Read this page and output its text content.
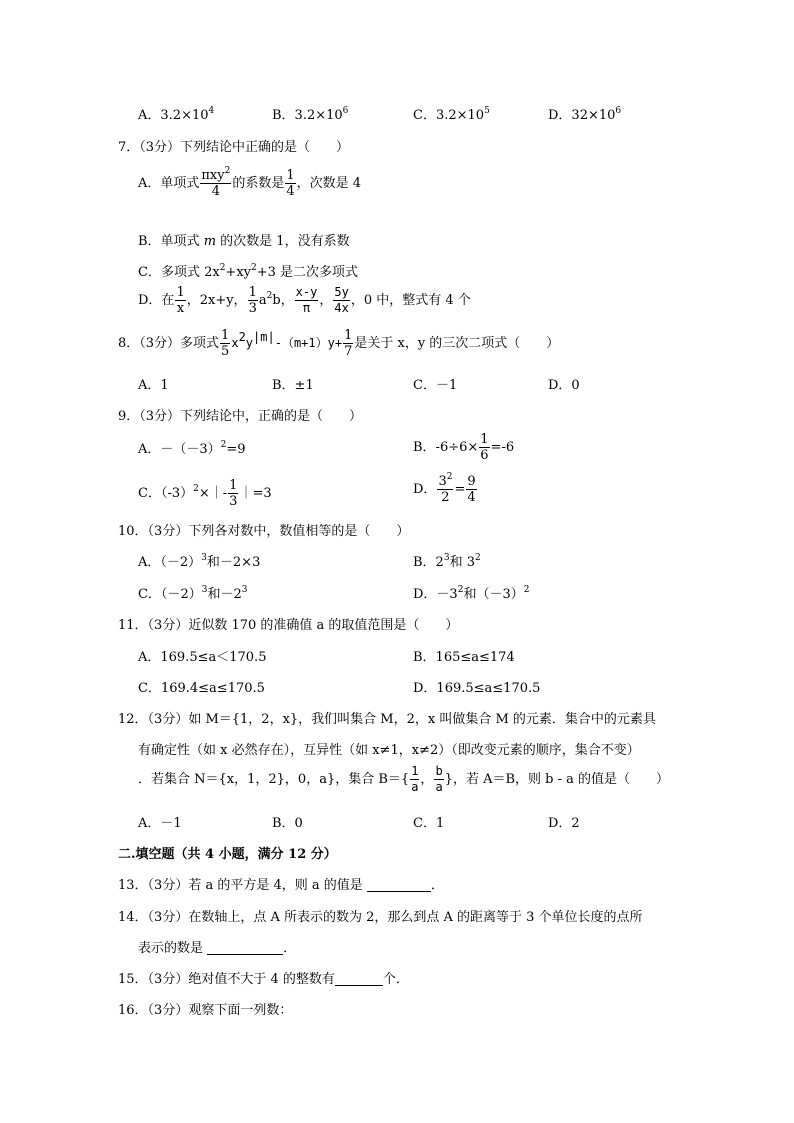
A．$3.2\times 10^4$	B．$3.2\times 10^6$	C．$3.2\times 10^5$	D．$32\times 10^6$
7．（3分）下列结论中正确的是（　　）
A．单项式 $\frac{\pi xy^2}{4}$ 的系数是 $\frac{1}{4}$ ，次数是 4
B．单项式 m 的次数是 1，没有系数
C．多项式 $2x^2+xy^2+3$ 是二次多项式
D．在 $\frac{1}{x}$ ，2x+y， $\frac{1}{3} a^2b$， $\frac{x-y}{\pi}$ ， $\frac{5y}{4x}$ ，0 中，整式有 4 个
8．（3分）多项式 $\frac{1}{5} x^2y^{|m|}-(m+1)y+ \frac{1}{7}$ 是关于 x，y 的三次二项式（　　）
A．1	B．±1	C．－1	D．0
9．（3分）下列结论中，正确的是（　　）
A．$-(-3)^2=9$	B．$-6\div 6\times \frac{1}{6} =-6$
C．$(-3)^2\times|- \frac{1}{3}$ ｜=3	D． $\frac{3^2}{2} = \frac{9}{4}$
10．（3分）下列各对数中，数值相等的是（　　）
A．$(-2)^3$和－2×3	B．$2^3$和 $3^2$
C．$(-2)^3$和$-2^3$	D．$-3^2$和$(-3)^2$
11．（3分）近似数 170 的准确值 a 的取值范围是（　　）
A．169.5≤a＜170.5	B．165≤a≤174
C．169.4≤a≤170.5	D．169.5≤a≤170.5
12．（3分）如 M＝{1，2，x}，我们叫集合 M，2，x 叫做集合 M 的元素．集合中的元素具
有确定性（如 x 必然存在），互异性（如 x≠1，x≠2）（即改变元素的顺序，集合不变）
．若集合 N＝{x，1，2}，0，a}，集合 $B=\{ \frac{1}{a}$ ， $\frac{b}{a}$ }，若 A＝B，则 b - a 的值是（　　）
A．－1	B．0	C．1	D．2
二.填空题（共 4 小题，满分 12 分）
13．（3分）若 a 的平方是 4，则 a 的值是	．
14．（3分）在数轴上，点 A 所表示的数为 2，那么到点 A 的距离等于 3 个单位长度的点所
表示的数是	．
15．（3分）绝对值不大于 4 的整数有	个．
16．（3分）观察下面一列数：
